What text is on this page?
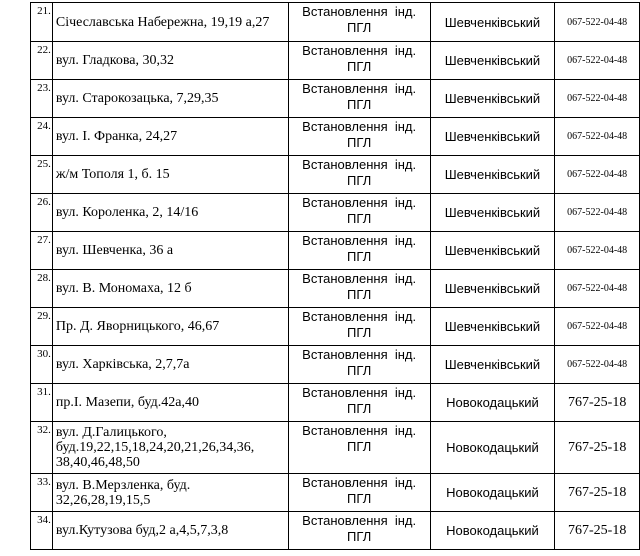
21.	Січеславська Набережна, 19,19 а,27	Встановлення  інд.
ПГЛ	Шевченківський	067-522-04-48

22.	вул. Гладкова, 30,32	Встановлення  інд.
ПГЛ	Шевченківський	067-522-04-48

23.	вул. Старокозацька, 7,29,35	Встановлення  інд.
ПГЛ	Шевченківський	067-522-04-48

24.	вул. І. Франка, 24,27	Встановлення  інд.
ПГЛ	Шевченківський	067-522-04-48

25.	ж/м Тополя 1, б. 15	Встановлення  інд.
ПГЛ	Шевченківський	067-522-04-48

26.	вул. Короленка, 2, 14/16	Встановлення  інд.
ПГЛ	Шевченківський	067-522-04-48

27.	вул. Шевченка, 36 а	Встановлення  інд.
ПГЛ	Шевченківський	067-522-04-48

28.	вул. В. Мономаха, 12 б	Встановлення  інд.
ПГЛ	Шевченківський	067-522-04-48

29.	Пр. Д. Яворницького, 46,67	Встановлення  інд.
ПГЛ	Шевченківський	067-522-04-48

30.	вул. Харківська, 2,7,7а	Встановлення  інд.
ПГЛ	Шевченківський	067-522-04-48

31.	пр.І. Мазепи, буд.42а,40	Встановлення  інд.
ПГЛ	Новокодацький	767-25-18

32.	вул. Д.Галицького,
буд.19,22,15,18,24,20,21,26,34,36,
38,40,46,48,50	Встановлення  інд.
ПГЛ	Новокодацький	767-25-18

33.	вул. В.Мерзленка, буд.
32,26,28,19,15,5	Встановлення  інд.
ПГЛ	Новокодацький	767-25-18

34.	вул.Кутузова буд,2 а,4,5,7,3,8	Встановлення  інд.
ПГЛ	Новокодацький	767-25-18
